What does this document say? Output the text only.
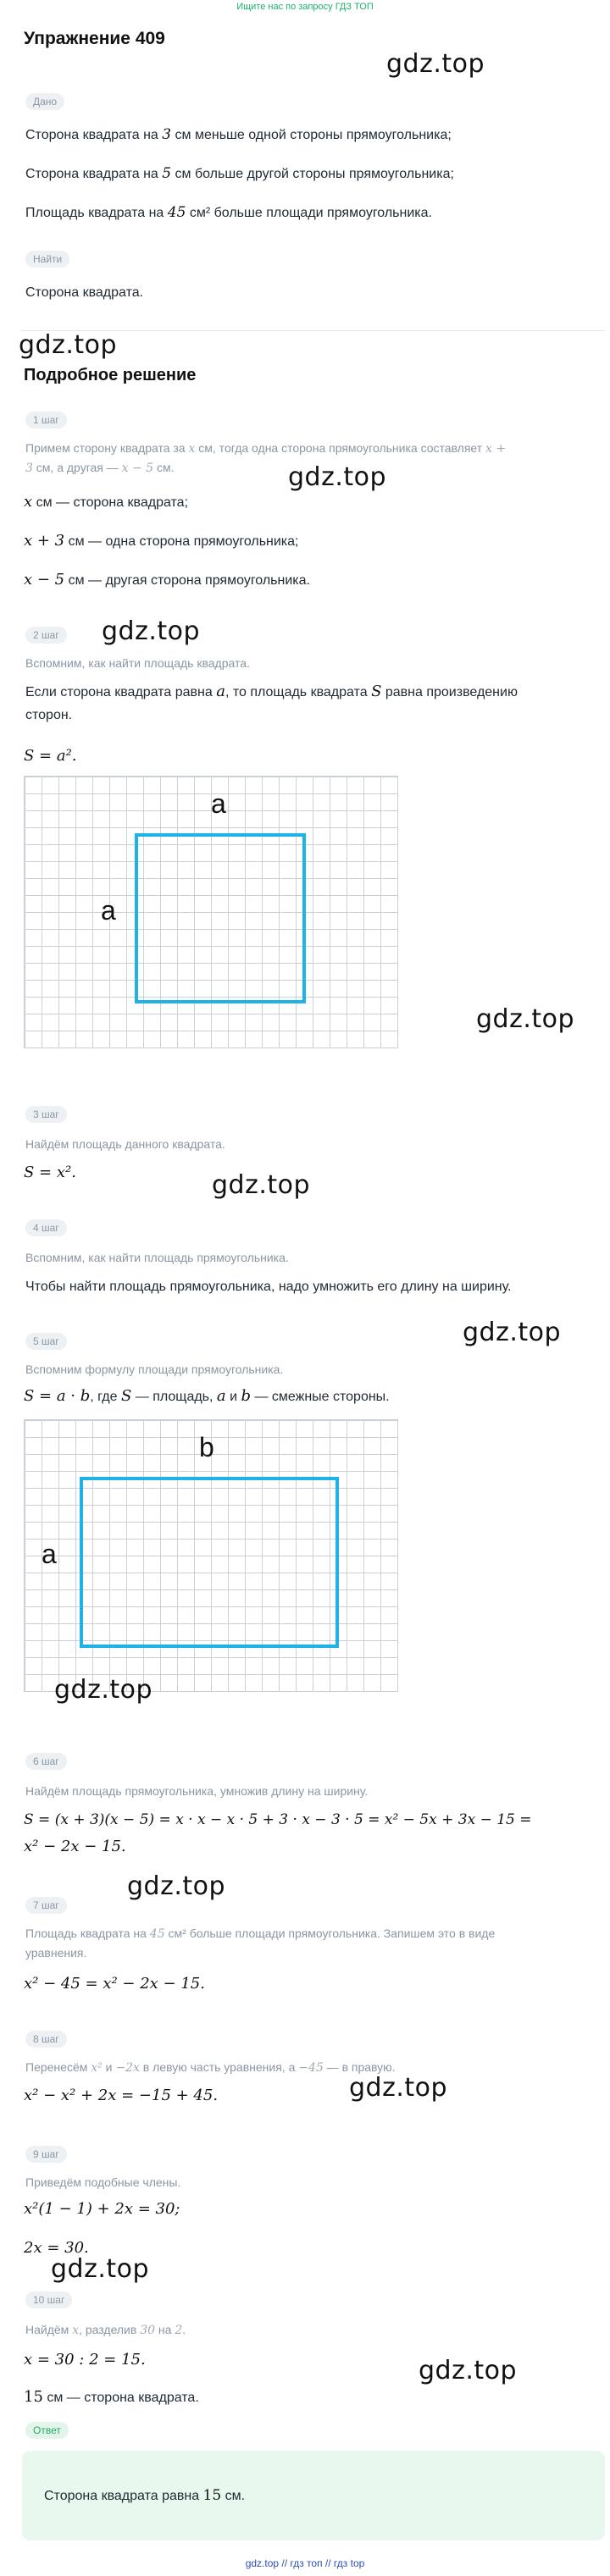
Ищите нас по запросу ГДЗ ТОП
Упражнение 409
gdz.top
Дано
Сторона квадрата на 3 см меньше одной стороны прямоугольника;
Сторона квадрата на 5 см больше другой стороны прямоугольника;
Площадь квадрата на 45 см² больше площади прямоугольника.
Найти
Сторона квадрата.
gdz.top
Подробное решение
1 шаг
Примем сторону квадрата за x см, тогда одна сторона прямоугольника составляет x +
3 см, а другая — x − 5 см.	gdz.top
x см — сторона квадрата;
x + 3 см — одна сторона прямоугольника;
x − 5 см — другая сторона прямоугольника.
2 шаг	gdz.top
Вспомним, как найти площадь квадрата.
Если сторона квадрата равна a, то площадь квадрата S равна произведению
сторон.
S = a².
a
a
gdz.top
3 шаг
Найдём площадь данного квадрата.
S = x².	gdz.top
4 шаг
Вспомним, как найти площадь прямоугольника.
Чтобы найти площадь прямоугольника, надо умножить его длину на ширину.
gdz.top
5 шаг
Вспомним формулу площади прямоугольника.
S = a · b, где S — площадь, a и b — смежные стороны.
b
a
gdz.top
6 шаг
Найдём площадь прямоугольника, умножив длину на ширину.
S = (x + 3)(x − 5) = x · x − x · 5 + 3 · x − 3 · 5 = x² − 5x + 3x − 15 =
x² − 2x − 15.
gdz.top
7 шаг
Площадь квадрата на 45 см² больше площади прямоугольника. Запишем это в виде
уравнения.
x² − 45 = x² − 2x − 15.
8 шаг
Перенесём x² и −2x в левую часть уравнения, а −45 — в правую.
x² − x² + 2x = −15 + 45.	gdz.top
9 шаг
Приведём подобные члены.
x²(1 − 1) + 2x = 30;
2x = 30.
gdz.top
10 шаг
Найдём x, разделив 30 на 2.
x = 30 : 2 = 15.
15 см — сторона квадрата.
gdz.top
Ответ
Сторона квадрата равна 15 см.
gdz.top // гдз топ // гдз top
